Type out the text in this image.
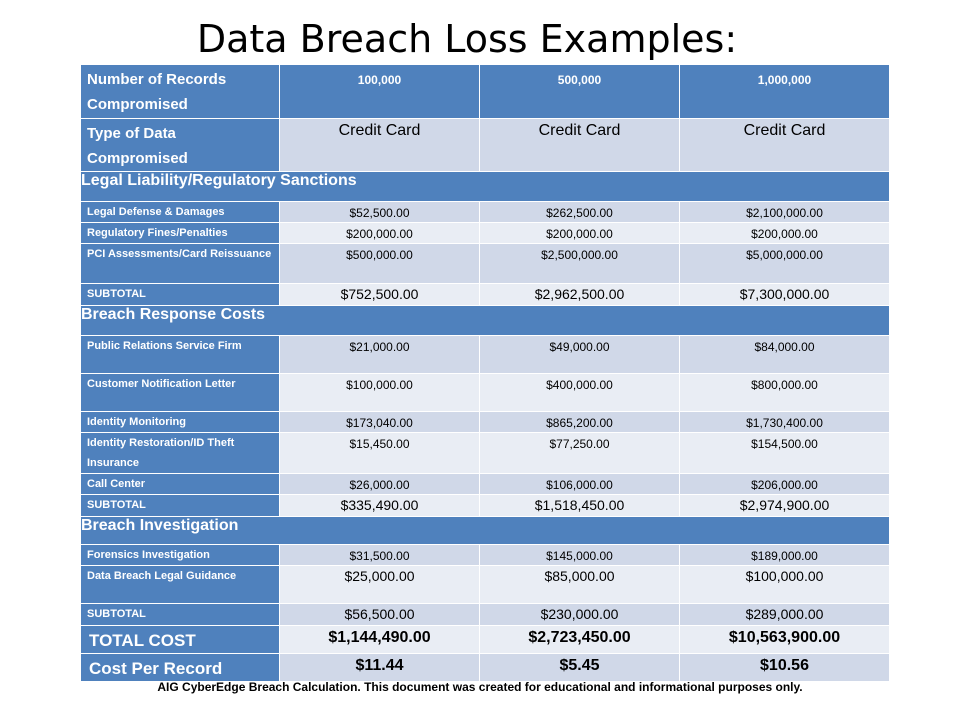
Data Breach Loss Examples:
Number of Records Compromised	100,000	500,000	1,000,000
Type of Data Compromised	Credit Card	Credit Card	Credit Card
Legal Liability/Regulatory Sanctions			
Legal Defense & Damages	$52,500.00	$262,500.00	$2,100,000.00
Regulatory Fines/Penalties	$200,000.00	$200,000.00	$200,000.00
PCI Assessments/Card Reissuance	$500,000.00	$2,500,000.00	$5,000,000.00
SUBTOTAL	$752,500.00	$2,962,500.00	$7,300,000.00
Breach Response Costs			
Public Relations Service Firm	$21,000.00	$49,000.00	$84,000.00
Customer Notification Letter	$100,000.00	$400,000.00	$800,000.00
Identity Monitoring	$173,040.00	$865,200.00	$1,730,400.00
Identity Restoration/ID Theft Insurance	$15,450.00	$77,250.00	$154,500.00
Call Center	$26,000.00	$106,000.00	$206,000.00
SUBTOTAL	$335,490.00	$1,518,450.00	$2,974,900.00
Breach Investigation			
Forensics Investigation	$31,500.00	$145,000.00	$189,000.00
Data Breach Legal Guidance	$25,000.00	$85,000.00	$100,000.00
SUBTOTAL	$56,500.00	$230,000.00	$289,000.00
TOTAL COST	$1,144,490.00	$2,723,450.00	$10,563,900.00
Cost Per Record	$11.44	$5.45	$10.56
AIG CyberEdge Breach Calculation. This document was created for educational and informational purposes only.
